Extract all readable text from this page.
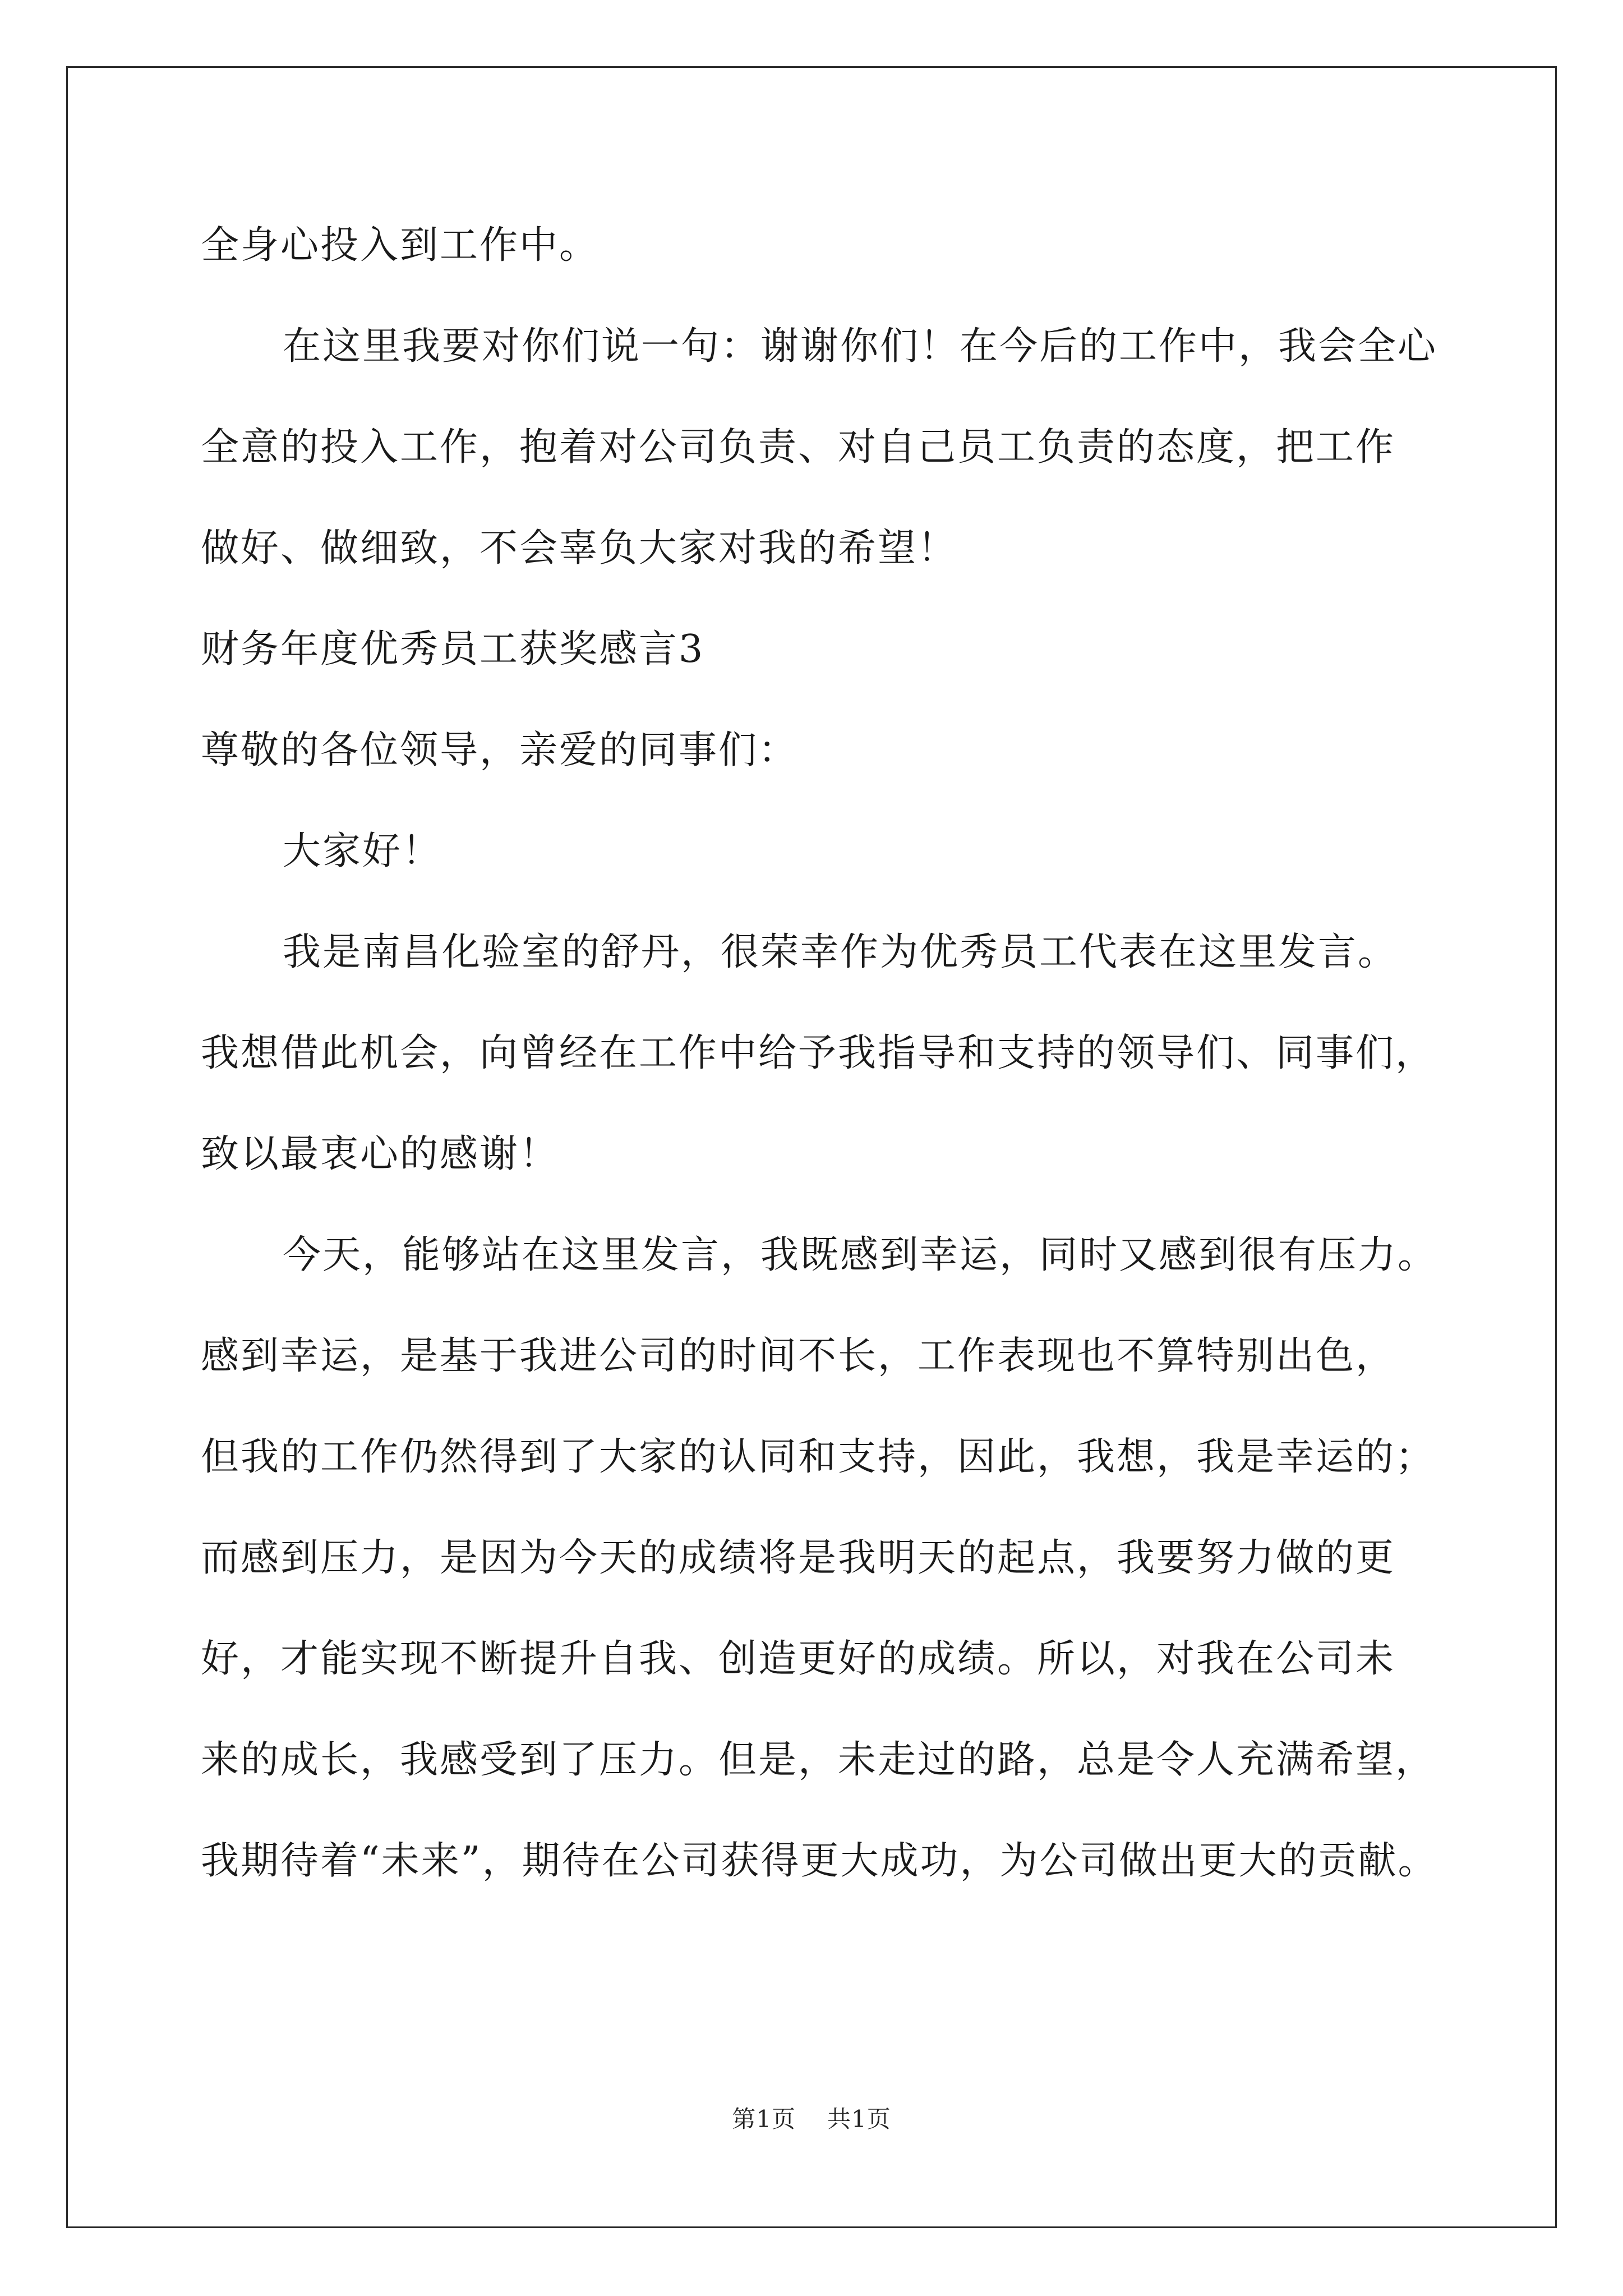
全身心投入到工作中。
在这里我要对你们说一句：谢谢你们！在今后的工作中，我会全心
全意的投入工作，抱着对公司负责、对自己员工负责的态度，把工作
做好、做细致，不会辜负大家对我的希望！
财务年度优秀员工获奖感言3
尊敬的各位领导，亲爱的同事们：
大家好！
我是南昌化验室的舒丹，很荣幸作为优秀员工代表在这里发言。
我想借此机会，向曾经在工作中给予我指导和支持的领导们、同事们，
致以最衷心的感谢！
今天，能够站在这里发言，我既感到幸运，同时又感到很有压力。
感到幸运，是基于我进公司的时间不长，工作表现也不算特别出色，
但我的工作仍然得到了大家的认同和支持，因此，我想，我是幸运的；
而感到压力，是因为今天的成绩将是我明天的起点，我要努力做的更
好，才能实现不断提升自我、创造更好的成绩。所以，对我在公司未
来的成长，我感受到了压力。但是，未走过的路，总是令人充满希望，
我期待着“未来”，期待在公司获得更大成功，为公司做出更大的贡献。
第1页 共1页
